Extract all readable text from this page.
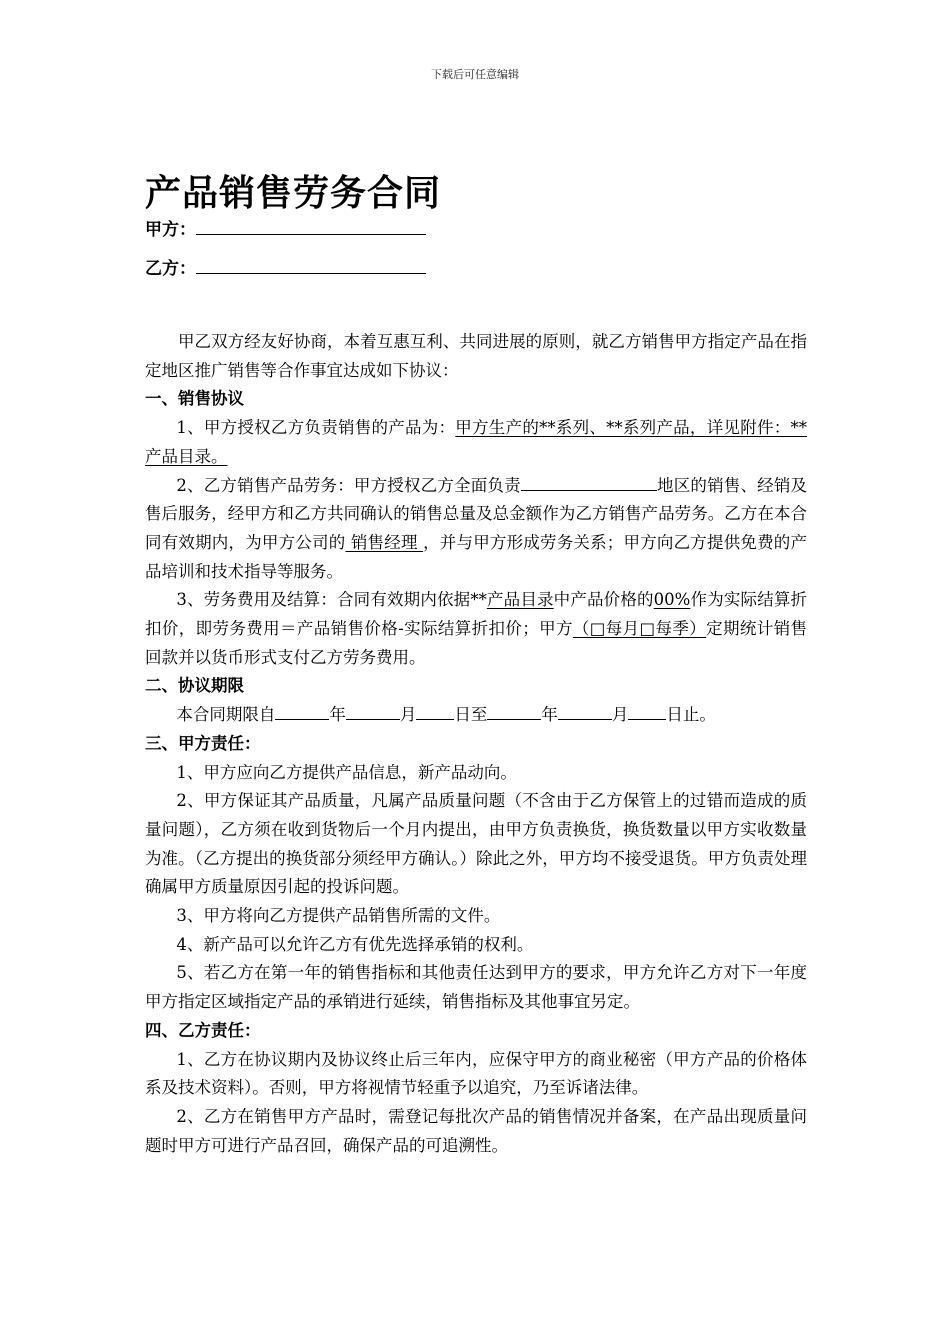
下载后可任意编辑
产品销售劳务合同
甲方：
乙方：

甲乙双方经友好协商，本着互惠互利、共同进展的原则，就乙方销售甲方指定产品在指定地区推广销售等合作事宜达成如下协议：

一、销售协议

1、甲方授权乙方负责销售的产品为：甲方生产的**系列、**系列产品，详见附件：**产品目录。

2、乙方销售产品劳务：甲方授权乙方全面负责	地区的销售、经销及售后服务，经甲方和乙方共同确认的销售总量及总金额作为乙方销售产品劳务。乙方在本合同有效期内，为甲方公司的 销售经理 ，并与甲方形成劳务关系；甲方向乙方提供免费的产品培训和技术指导等服务。

3、劳务费用及结算：合同有效期内依据**产品目录中产品价格的00%作为实际结算折扣价，即劳务费用＝产品销售价格-实际结算折扣价；甲方（□每月□每季）定期统计销售回款并以货币形式支付乙方劳务费用。

二、协议期限

本合同期限自	年	月 日至	年	月 日止。

三、甲方责任：

1、甲方应向乙方提供产品信息，新产品动向。

2、甲方保证其产品质量，凡属产品质量问题（不含由于乙方保管上的过错而造成的质量问题），乙方须在收到货物后一个月内提出，由甲方负责换货，换货数量以甲方实收数量为准。（乙方提出的换货部分须经甲方确认。）除此之外，甲方均不接受退货。甲方负责处理确属甲方质量原因引起的投诉问题。

3、甲方将向乙方提供产品销售所需的文件。

4、新产品可以允许乙方有优先选择承销的权利。

5、若乙方在第一年的销售指标和其他责任达到甲方的要求，甲方允许乙方对下一年度甲方指定区域指定产品的承销进行延续，销售指标及其他事宜另定。

四、乙方责任：

1、乙方在协议期内及协议终止后三年内，应保守甲方的商业秘密（甲方产品的价格体系及技术资料）。否则，甲方将视情节轻重予以追究，乃至诉诸法律。

2、乙方在销售甲方产品时，需登记每批次产品的销售情况并备案，在产品出现质量问题时甲方可进行产品召回，确保产品的可追溯性。
